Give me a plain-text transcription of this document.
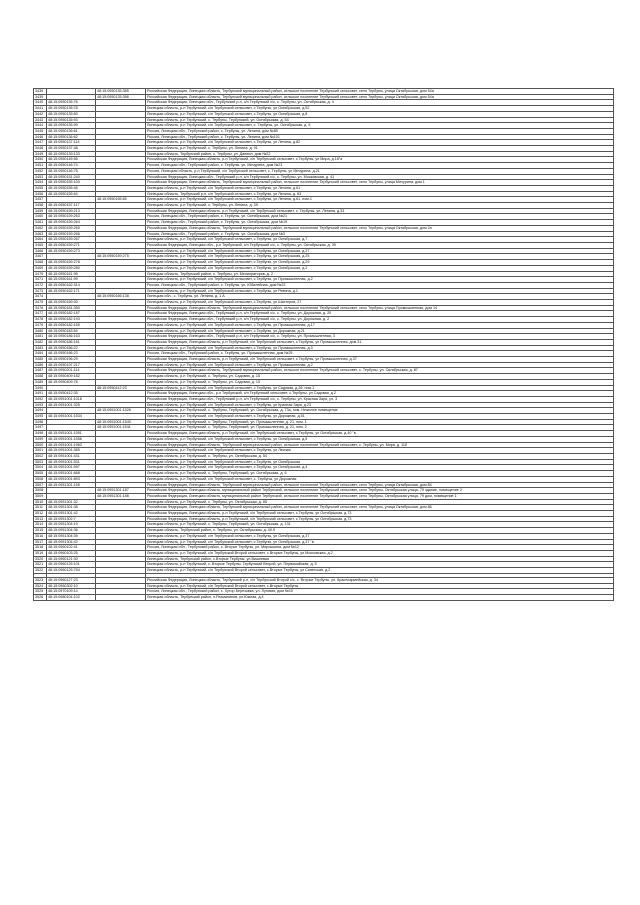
3439		48:15:0950135:385	Российская Федерация, Липецкая область, Тербунский муниципальный район, сельское поселение Тербунский сельсовет, село Тербуны, улица Октябрьская, дом 54а
3439		48:15:0950135:386	Российская Федерация, Липецкая область, Тербунский муниципальный район, сельское поселение Тербунский сельсовет, село Тербуны, улица Октябрьская, дом 54а
3440	48:15:0950135:76		Российская Федерация, Липецкая обл., Тербунский р-н, с/п Тербунский с/с, с. Тербуны, ул. Октябрьская, д. 4
3441	48:15:0950135:78		Липецкая область, р-н Тербунский, с/п Тербунский сельсовет, с.Тербуны, ул Октябрьская, д.52
3442	48:15:0950135:83		Липецкая область, р-н Тербунский, с/п Тербунский сельсовет, с.Тербуны, ул Октябрьская, д.8
3443	48:15:0950135:93		Липецкая область, р-н Тербунский, с. Тербуны, Тербунский, ул. Октябрьская, д. 54
3444	48:15:0950135:99		Липецкая область, р-н Тербунский, с/п Тербунский сельсовет, с. Тербуны, ул. Октябрьская, д. 5
3445	48:15:0950136:61		Россия, Липецкая обл., Тербунский район, с. Тербуны, ул. Ленина, дом №85
3446	48:15:0950136:62		Россия, Липецкая обл., Тербунский район, с. Тербуны, ул. Ленина, дом №101
3447	48:15:0950137:114		Липецкая область, р-н Тербунский, с/п Тербунский сельсовет, с.Тербуны, ул Ленина, д.82
3448	48:15:0950137:48		Липецкая область, р-н Тербунский, с. Тербуны, ул. Ленина, д. 91
3449	48:15:0950139:133		Липецкая область, Тербунский район, с. Тербуны, ул. Даниил, дом №22
3450	48:15:0950145:56		Российская Федерация, Липецкая область, р-н Тербунский, с/п Тербунский сельсовет, с.Тербуны, ул Мира, д.18"а
3451	48:15:0950146:74		Россия, Липецкая обл., Тербунский район, с. Тербуны, ул. Мичурина, дом №23
3452	48:15:0950146:75		Россия, Липецкая область, р-н Тербунский, с/п Тербунский сельсовет, с. Тербуны, ул Мичурина, д.21
3453	48:15:0950151:240		Российская Федерация, Липецкая обл., Тербунский р-н, с/п Тербунский с/с, с. Тербуны, ул. Московская, д. 41
3454	48:15:0950155:100		Российская Федерация, Липецкая область, Тербунский муниципальный район, сельское поселение Тербунский сельсовет, село Тербуны, улица Мичурина, дом 1
3455	48:15:0950155:46		Липецкая область, р-н Тербунский, с/п Тербунский сельсовет, с.Тербуны, ул Ленина, д.61
3456	48:15:0950155:64		Липецкая область, Тербунский р-н, с/п Тербунский сельсовет, с.Тербуны, ул Ленина, д. 63
3457		48:15:0950155:65	Липецкая область, р-н Тербунский, с/п Тербунский сельсовет, с.Тербуны, ул Ленина, д.61, пом.1
3458	48:15:0950157:117		Липецкая область, р-н Тербунский, с. Тербуны, ул. Ленина, д. 39
3459	48:15:0950159:213		Российская Федерация, Липецкая область, р-н Тербунский, с/п Тербунский сельсовет, с. Тербуны, ул. Ленина, д.33
3460	48:15:0950159:263		Россия, Липецкая обл., Тербунский район, с. Тербуны, ул. Октябрьская, дом №21
3461	48:15:0950159:264		Россия, Липецкая обл., Тербунский район, с. Тербуны, ул. Октябрьская, дом №19
3462	48:15:0950159:265		Российская Федерация, Липецкая область, Тербунский муниципальный район, сельское поселение Тербунский сельсовет, село Тербуны, улица Октябрьская, дом 2а
3463	48:15:0950159:266		Россия, Липецкая обл., Тербунский район, с. Тербуны, ул. Октябрьская, дом №3
3464	48:15:0950159:267		Липецкая область, р-н Тербунский, с/п Тербунский сельсовет, с.Тербуны, ул Октябрьская, д.7
3465	48:15:0950159:271		Российская Федерация, Липецкая обл., р-н Тербунский, с/п Тербунский с/с, с. Тербуны, ул. Октябрьская, д. 39
3466	48:15:0950159:273		Липецкая область, р-н Тербунский, с/п Тербунский сельсовет, с.Тербуны, ул Октябрьская, д.27
3467		48:15:0950159:275	Липецкая область, р-н Тербунский, с/п Тербунский сельсовет, с.Тербуны, ул Октябрьская, д.25
3468	48:15:0950159:278		Липецкая область, р-н Тербунский, с/п Тербунский сельсовет, с.Тербуны, ул Октябрьская, д.29
3469	48:15:0950159:280		Липецкая область, р-н Тербунский, с/п Тербунский сельсовет, с.Тербуны, ул Октябрьская, д.2
3470	48:15:0950161:95		Липецкая область, Тербунский район, с. Тербуны, ул. Мелиораторов, д. 2
3471	48:15:0950161:99		Липецкая область, р-н Тербунский, с/п Тербунский сельсовет, с.Тербуны, ул Промышленная, д.2
3472	48:15:0950162:314		Россия, Липецкая обл., Тербунский район, с. Тербуны, ул. Юбилейная, дом №23
3473	48:15:0950162:171		Липецкая область, р-н Тербунский, с/п Тербунский сельсовет, с.Тербуны, ул Ревина, д.1
3474		48:15:0950166:138	Липецкая обл., с. Тербуны, ул. Ленина, д. 1 А
3475	48:15:0950169:30		Липецкая область, р-н Тербунский, с/п Тербунский сельсовет, с.Тербуны, ул Шахтеров, 27
3476	48:15:0950181:350		Российская Федерация, Липецкая область, Тербунский муниципальный район, сельское поселение Тербунский сельсовет, село Тербуны, улица Промышленная, дом 14
3477	48:15:0950182:187		Российская Федерация, Липецкая обл., Тербунский р-н, с/п Тербунский с/с, с. Тербуны, ул. Дорожная, д. 20
3478	48:15:0950182:193		Российская Федерация, Липецкая обл., Тербунский р-н, с/п Тербунский с/с, с. Тербуны, ул. Дорожная, д. 2
3479	48:15:0950182:155		Липецкая область, р-н Тербунский, с/п Тербунский сельсовет, с.Тербуны, ул Промышленная, д.17
3480	48:15:0950183:54		Липецкая область, р-н Тербунский, с/п Тербунский сельсовет, с.Тербуны, ул Дорожная, д.21
3481	48:15:0950186:163		Российская Федерация, Липецкая обл., Тербунский р-н, с/п Тербунский с/с, с. Тербуны, ул. Промышленная, 3
3482	48:15:0950186:161		Российская Федерация, Липецкая область, р-н Тербунский, с/п Тербунский сельсовет, с.Тербуны, ул Промышленная, дом 31
3483	48:15:0950186:22		Липецкая область, р-н Тербунский, с/п Тербунский сельсовет, с.Тербуны, ул Промышленная, д.3
3484	48:15:0950186:23		Россия, Липецкая обл., Тербунский район, с. Тербуны, ул. Промышленная, дом №25
3485	48:15:0950196:29		Российская Федерация, Липецкая область, р-н Тербунский, с/п Тербунский сельсовет, с.Тербуны, ул Промышленная, д.37
3486	48:15:0950197:217		Липецкая область, р-н Тербунский, с/п Тербунский сельсовет, с.Тербуны, ул Промышленная, д.2
3487	48:15:0950201:114		Российская Федерация, Липецкая область, Тербунский муниципальный район, сельское поселение Тербунский сельсовет, с. Тербуны, ул. Октябрьская, д. 87
3488	48:15:0950409:182		Липецкая область, р-н Тербунский, с. Тербуны, ул. Садовая, д. 15
3489	48:15:0950409:78		Липецкая область, р-н Тербунский, с. Тербуны, ул. Садовая, д. 15
3490		48:15:0950412:23	Липецкая область, р-н Тербунский, с/п Тербунский сельсовет, с.Тербуны, ул Садовая, д.26, пом.1
3491	48:15:0950412:35		Российская Федерация, Липецкая обл., р-н Тербунский, с/п Тербунский сельсовет, с.Тербуны, ул Садовая, д.2
3492	48:15:0951001:1018		Российская Федерация, Липецкая обл., Тербунский р-н, с/п Тербунский с/с, с. Тербуны, ул. Красная Заря, ул. 3
3493	48:15:0951001:325		Липецкая область, р-н Тербунский, с/п Тербунский сельсовет, с.Тербуны, ул Красная Заря, д.23
3494		48:15:0951001:1526	Липецкая область, р-н Тербунский, с. Тербуны, Тербунский, ул. Октябрьская, д. 73а, пом. Нежилое помещение
3495	48:15:0951001:1534		Липецкая область, р-н Тербунский, с/п Тербунский сельсовет, с.Тербуны, ул Дорожная, д.51
3496		48:15:0951001:1540	Липецкая область, р-н Тербунский, с. Тербуны, Тербунский, ул. Промышленная, д. 21, пом. 1
3497		48:15:0951001:1541	Липецкая область, р-н Тербунский, с. Тербуны, Тербунский, ул. Промышленная, д. 21, пом. 2
3498	48:15:0951001:1551		Российская Федерация, Липецкая область, р-н Тербунский, с/п Тербунский сельсовет, с.Тербуны, ул Октябрьская, д.40 "в
3499	48:15:0951001:1556		Липецкая область, р-н Тербунский, с/п Тербунский сельсовет, с.Тербуны, ул Октябрьская, д.5
3500	48:15:0951001:1963		Российская Федерация, Липецкая область, Тербунский муниципальный район, сельское поселение Тербунский сельсовет, с. Тербуны, ул. Мира, д. 11б
3501	48:15:0951001:385		Липецкая область, р-н Тербунский, с/п Тербунский сельсовет, с.Тербуны, ул Лесная
3502	48:15:0951001:431		Липецкая область, р-н Тербунский, с. Тербуны, ул. Октябрьская, д. 54
3503	48:15:0951001:531		Липецкая область, р-н Тербунский, с/п Тербунский сельсовет, с.Тербуны, ул Октябрьская
3504	48:15:0951001:597		Липецкая область, р-н Тербунский, с/п Тербунский сельсовет, с.Тербуны, ул Октябрьская, д.4
3505	48:15:0951001:688		Липецкая область, р-н Тербунский, с. Тербуны, Тербунский, ул. Октябрьская, д. 6
3506	48:15:0951001:893		Липецкая область, р-н Тербунский, с/п Тербунский сельсовет, с. Тербуны, ул Дорожная
3507	48:15:0951301:155		Российская Федерация, Липецкая область, Тербунский муниципальный район, сельское поселение Тербунский сельсовет, село Тербуны, улица Октябрьская, дом 84
3508		48:15:0951301:187	Российская Федерация, Липецкая область, муниципальный район Тербунский, сельское поселение Тербунский сельсовет, село Тербуны, Октябрьская улица, 79 здание, помещение 2
3509		48:15:0951301:188	Российская Федерация, Липецкая область, муниципальный район Тербунский, сельское поселение Тербунский сельсовет, село Тербуны, Октябрьская улица, 79 дом, помещение 1
3510	48:15:0951301:32		Липецкая область, р-н Тербунский, с. Тербуны, ул. Октябрьская, д. 85
3511	48:15:0951301:38		Российская Федерация, Липецкая область, Тербунский муниципальный район, сельское поселение Тербунский сельсовет, село Тербуны, улица Октябрьская, дом 86
3512	48:15:0951301:42		Российская Федерация, Липецкая область, р-н Тербунский, с/п Тербунский сельсовет, с.Тербуны, ул Октябрьская, д.73
3513	48:15:0951302:7		Российская Федерация, Липецкая область, р-н Тербунский, с/п Тербунский сельсовет, с.Тербуны, ул Октябрьская, д.73
3514	48:15:0951304:19		Липецкая область, р-н Тербунский, с. Тербуны, Тербунский, ул. Октябрьская, д. 131
3515	48:15:0951304:36		Липецкая область, Тербунский район, с. Тербуны, ул. Октябрьская, д. 40.9
3516	48:15:0951304:39		Липецкая область, р-н Тербунский, с/п Тербунский сельсовет, с.Тербуны, ул Октябрьская, д.37
3517	48:15:0951304:42		Липецкая область, р-н Тербунский, с/п Тербунский сельсовет, с.Тербуны, ул Октябрьская, д.37 "в
3518	48:15:0960102:41		Россия, Липецкая обл., Тербунский район, с. Вторые Тербуны, ул. Мирошкина, дом №12
3519	48:15:0960103:25		Липецкая область, р-н Тербунский, с/п Тербунский Второй сельсовет, с Вторые Тербуны, ул Московская, д.2
3520	48:15:0960121:30		Липецкая область, Тербунский район, с.Вторые Тербуны, ул.Вишневая
3521	48:15:0960125:101		Липецкая область, р-н Тербунский, с. Вторые Тербуны, Тербунский Второй, ул. Первомайская, д. 5
3522	48:15:0960125:754		Липецкая область, р-н Тербунский, с/п Тербунский Второй сельсовет, с.Вторые Тербуны, ул Советская, д.2

3523	48:15:0960127:23		Российская Федерация, Липецкая область, Тербунский р-н, с/п Тербунский Второй с/с, с. Вторые Тербуны, ул. Красноармейская, д. 34
3524	48:15:0960302:10		Липецкая область, р-н Тербунский, с/п Тербунский Второй сельсовет, с.Вторые Тербуны
3525	48:15:0970109:14		Россия, Липецкая обл., Тербунский район, с. Хутор Березовка, ул. Луговая, дом №10
3526	48:15:0980104:102		Липецкая область, Тербунский район, п.Рахманинов, ул.Южная, д.4
